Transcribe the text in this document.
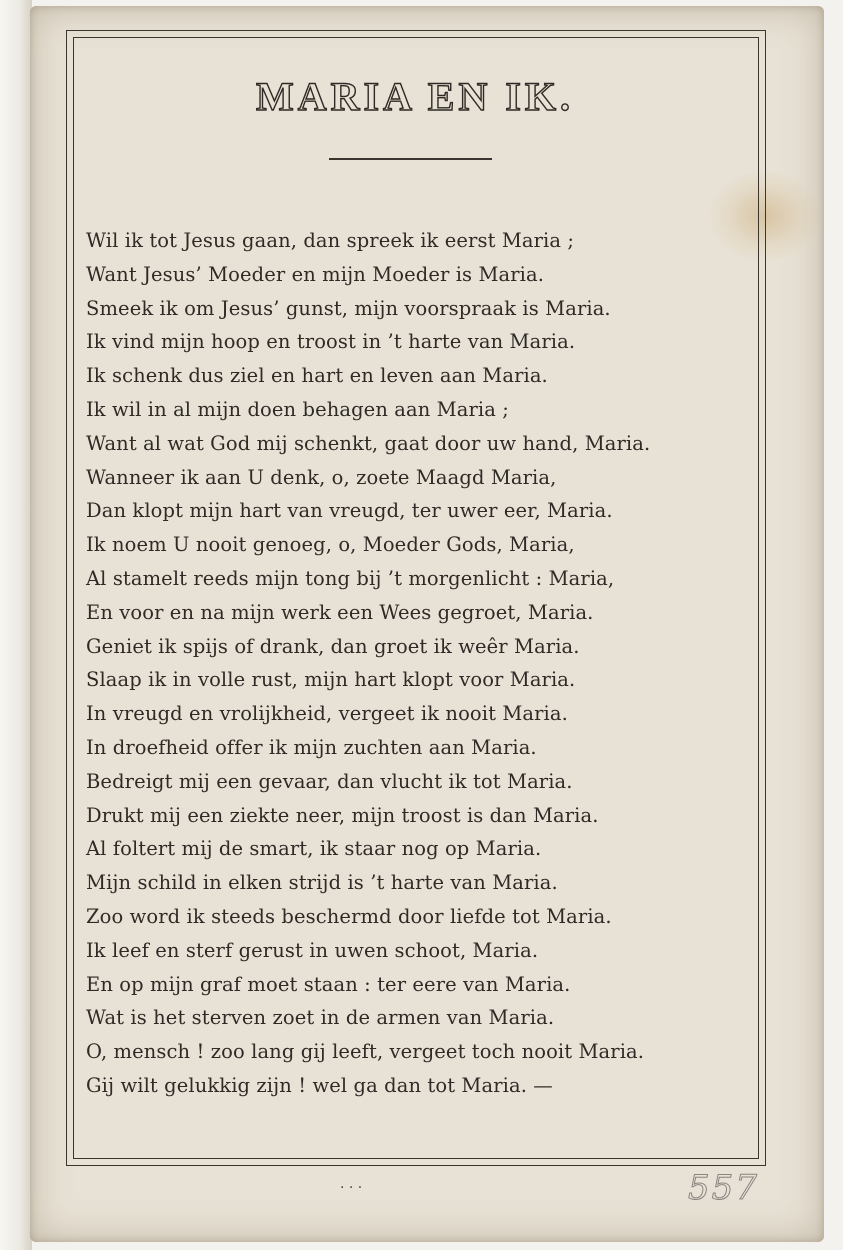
MARIA EN IK.
Wil ik tot Jesus gaan, dan spreek ik eerst Maria ;
Want Jesus’ Moeder en mijn Moeder is Maria.
Smeek ik om Jesus’ gunst, mijn voorspraak is Maria.
Ik vind mijn hoop en troost in ’t harte van Maria.
Ik schenk dus ziel en hart en leven aan Maria.
Ik wil in al mijn doen behagen aan Maria ;
Want al wat God mij schenkt, gaat door uw hand, Maria.
Wanneer ik aan U denk, o, zoete Maagd Maria,
Dan klopt mijn hart van vreugd, ter uwer eer, Maria.
Ik noem U nooit genoeg, o, Moeder Gods, Maria,
Al stamelt reeds mijn tong bij ’t morgenlicht : Maria,
En voor en na mijn werk een Wees gegroet, Maria.
Geniet ik spijs of drank, dan groet ik weêr Maria.
Slaap ik in volle rust, mijn hart klopt voor Maria.
In vreugd en vrolijkheid, vergeet ik nooit Maria.
In droefheid offer ik mijn zuchten aan Maria.
Bedreigt mij een gevaar, dan vlucht ik tot Maria.
Drukt mij een ziekte neer, mijn troost is dan Maria.
Al foltert mij de smart, ik staar nog op Maria.
Mijn schild in elken strijd is ’t harte van Maria.
Zoo word ik steeds beschermd door liefde tot Maria.
Ik leef en sterf gerust in uwen schoot, Maria.
En op mijn graf moet staan : ter eere van Maria.
Wat is het sterven zoet in de armen van Maria.
O, mensch ! zoo lang gij leeft, vergeet toch nooit Maria.
Gij wilt gelukkig zijn ! wel ga dan tot Maria. —
· · ·	557
